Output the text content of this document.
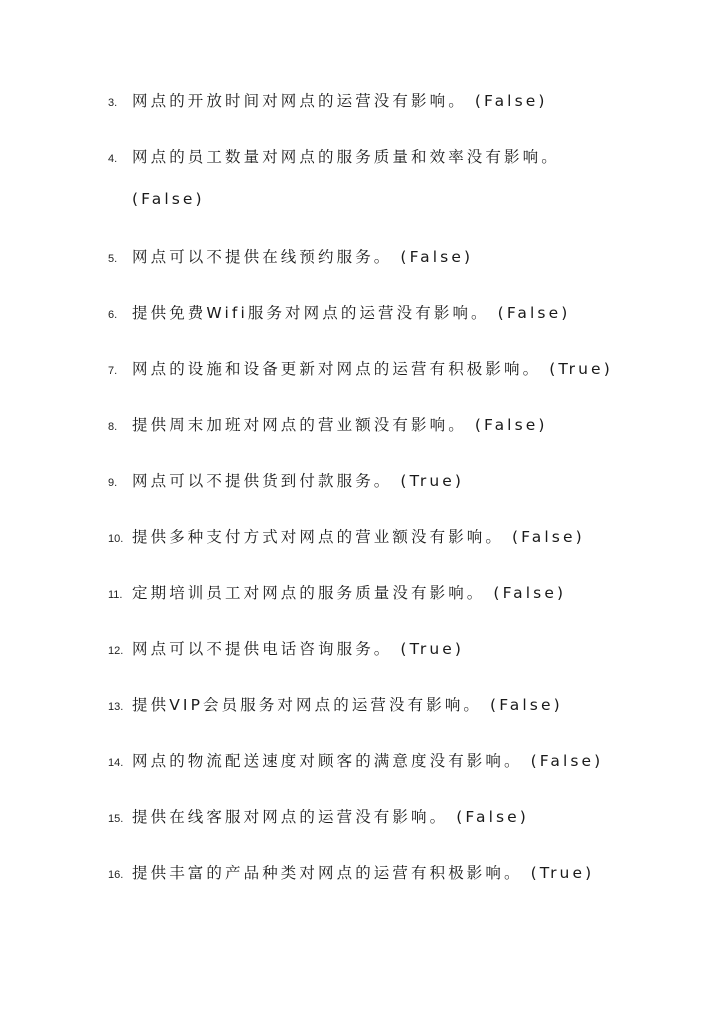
3. 网点的开放时间对网点的运营没有影响。 (False)
4. 网点的员工数量对网点的服务质量和效率没有影响。
(False)
5. 网点可以不提供在线预约服务。 (False)
6. 提供免费Wifi服务对网点的运营没有影响。 (False)
7. 网点的设施和设备更新对网点的运营有积极影响。 (True)
8. 提供周末加班对网点的营业额没有影响。 (False)
9. 网点可以不提供货到付款服务。 (True)
10. 提供多种支付方式对网点的营业额没有影响。 (False)
11. 定期培训员工对网点的服务质量没有影响。 (False)
12. 网点可以不提供电话咨询服务。 (True)
13. 提供VIP会员服务对网点的运营没有影响。 (False)
14. 网点的物流配送速度对顾客的满意度没有影响。 (False)
15. 提供在线客服对网点的运营没有影响。 (False)
16. 提供丰富的产品种类对网点的运营有积极影响。 (True)
